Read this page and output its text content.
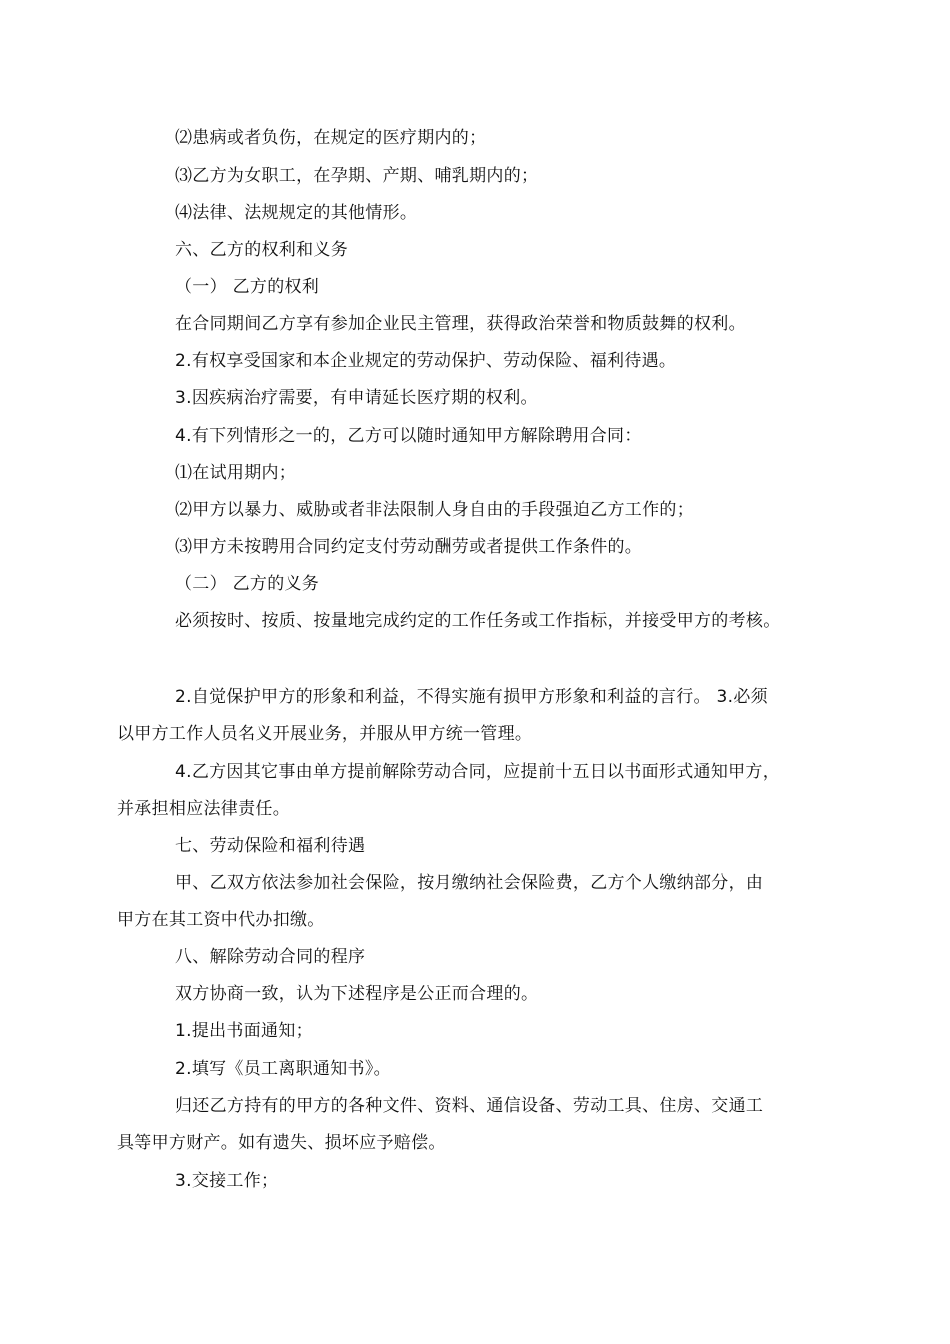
⑵患病或者负伤，在规定的医疗期内的；
⑶乙方为女职工，在孕期、产期、哺乳期内的；
⑷法律、法规规定的其他情形。
六、乙方的权利和义务
（一） 乙方的权利
在合同期间乙方享有参加企业民主管理，获得政治荣誉和物质鼓舞的权利。
2.有权享受国家和本企业规定的劳动保护、劳动保险、福利待遇。
3.因疾病治疗需要，有申请延长医疗期的权利。
4.有下列情形之一的，乙方可以随时通知甲方解除聘用合同：
⑴在试用期内；
⑵甲方以暴力、威胁或者非法限制人身自由的手段强迫乙方工作的；
⑶甲方未按聘用合同约定支付劳动酬劳或者提供工作条件的。
（二） 乙方的义务
必须按时、按质、按量地完成约定的工作任务或工作指标，并接受甲方的考核。
2.自觉保护甲方的形象和利益，不得实施有损甲方形象和利益的言行。 3.必须
以甲方工作人员名义开展业务，并服从甲方统一管理。
4.乙方因其它事由单方提前解除劳动合同，应提前十五日以书面形式通知甲方，
并承担相应法律责任。
七、劳动保险和福利待遇
甲、乙双方依法参加社会保险，按月缴纳社会保险费，乙方个人缴纳部分，由
甲方在其工资中代办扣缴。
八、解除劳动合同的程序
双方协商一致，认为下述程序是公正而合理的。
1.提出书面通知；
2.填写《员工离职通知书》。
归还乙方持有的甲方的各种文件、资料、通信设备、劳动工具、住房、交通工
具等甲方财产。如有遗失、损坏应予赔偿。
3.交接工作；
